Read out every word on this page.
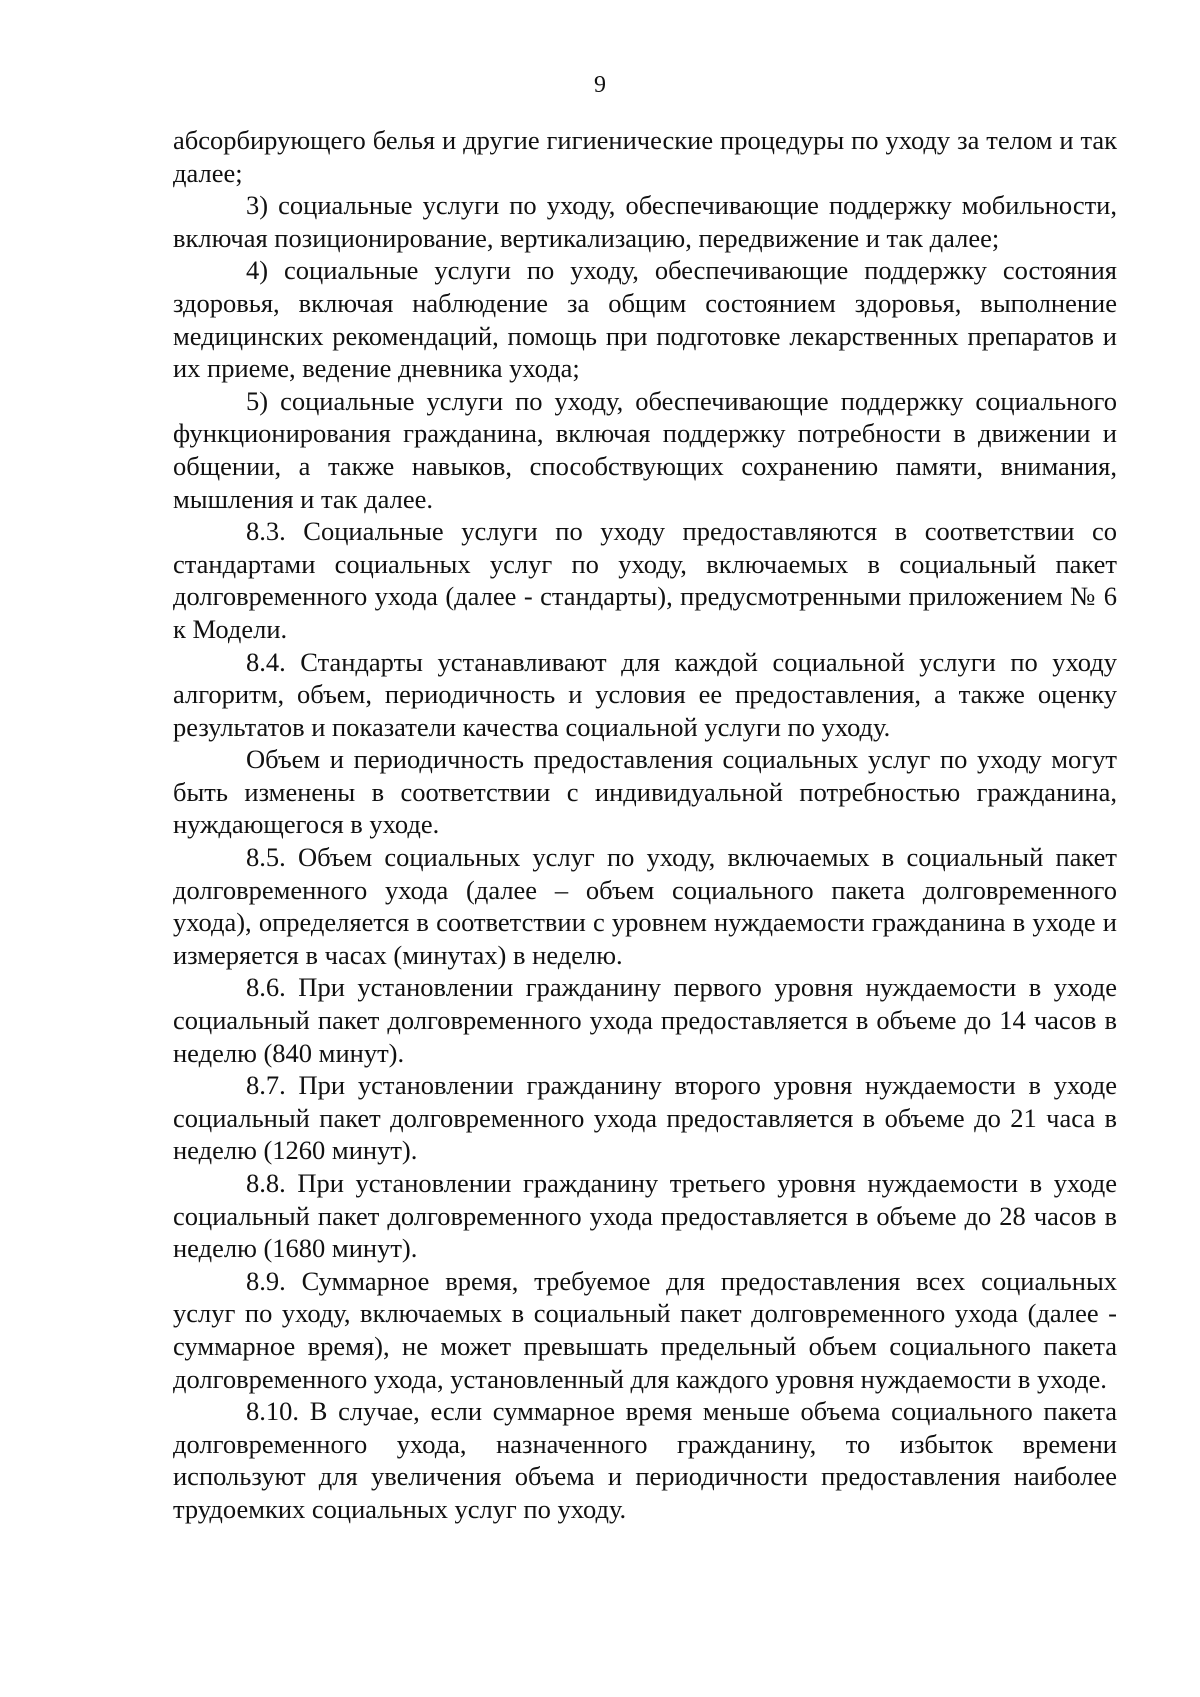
9

абсорбирующего белья и другие гигиенические процедуры по уходу за телом и так далее;

3) социальные услуги по уходу, обеспечивающие поддержку мобильности, включая позиционирование, вертикализацию, передвижение и так далее;

4) социальные услуги по уходу, обеспечивающие поддержку состояния здоровья, включая наблюдение за общим состоянием здоровья, выполнение медицинских рекомендаций, помощь при подготовке лекарственных препаратов и их приеме, ведение дневника ухода;

5) социальные услуги по уходу, обеспечивающие поддержку социального функционирования гражданина, включая поддержку потребности в движении и общении, а также навыков, способствующих сохранению памяти, внимания, мышления и так далее.

8.3. Социальные услуги по уходу предоставляются в соответствии со стандартами социальных услуг по уходу, включаемых в социальный пакет долговременного ухода (далее - стандарты), предусмотренными приложением № 6 к Модели.

8.4. Стандарты устанавливают для каждой социальной услуги по уходу алгоритм, объем, периодичность и условия ее предоставления, а также оценку результатов и показатели качества социальной услуги по уходу.

Объем и периодичность предоставления социальных услуг по уходу могут быть изменены в соответствии с индивидуальной потребностью гражданина, нуждающегося в уходе.

8.5. Объем социальных услуг по уходу, включаемых в социальный пакет долговременного ухода (далее – объем социального пакета долговременного ухода), определяется в соответствии с уровнем нуждаемости гражданина в уходе и измеряется в часах (минутах) в неделю.

8.6. При установлении гражданину первого уровня нуждаемости в уходе социальный пакет долговременного ухода предоставляется в объеме до 14 часов в неделю (840 минут).

8.7. При установлении гражданину второго уровня нуждаемости в уходе социальный пакет долговременного ухода предоставляется в объеме до 21 часа в неделю (1260 минут).

8.8. При установлении гражданину третьего уровня нуждаемости в уходе социальный пакет долговременного ухода предоставляется в объеме до 28 часов в неделю (1680 минут).

8.9. Суммарное время, требуемое для предоставления всех социальных услуг по уходу, включаемых в социальный пакет долговременного ухода (далее - суммарное время), не может превышать предельный объем социального пакета долговременного ухода, установленный для каждого уровня нуждаемости в уходе.

8.10. В случае, если суммарное время меньше объема социального пакета долговременного ухода, назначенного гражданину, то избыток времени используют для увеличения объема и периодичности предоставления наиболее трудоемких социальных услуг по уходу.
